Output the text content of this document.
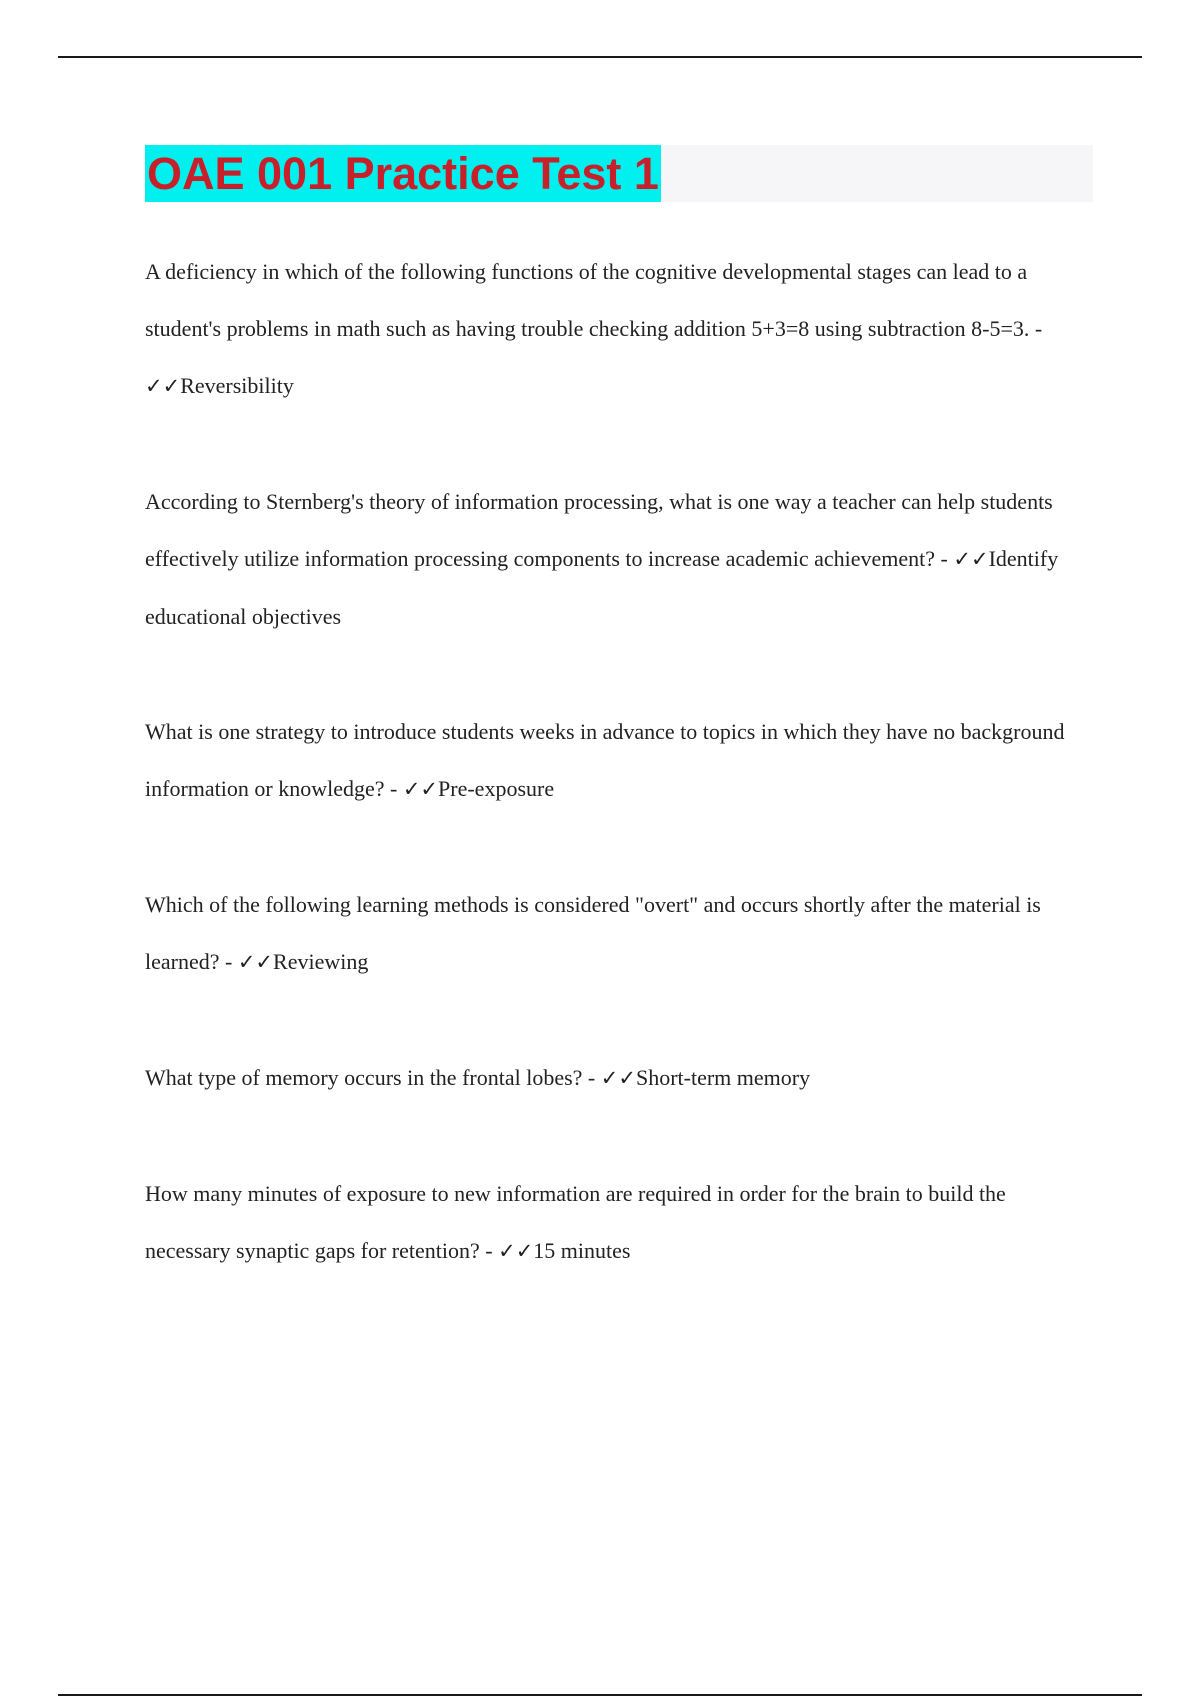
OAE 001 Practice Test 1

A deficiency in which of the following functions of the cognitive developmental stages can lead to a student's problems in math such as having trouble checking addition 5+3=8 using subtraction 8-5=3. - ✓✓Reversibility

According to Sternberg's theory of information processing, what is one way a teacher can help students effectively utilize information processing components to increase academic achievement? - ✓✓Identify educational objectives

What is one strategy to introduce students weeks in advance to topics in which they have no background information or knowledge? - ✓✓Pre-exposure

Which of the following learning methods is considered "overt" and occurs shortly after the material is learned? - ✓✓Reviewing

What type of memory occurs in the frontal lobes? - ✓✓Short-term memory

How many minutes of exposure to new information are required in order for the brain to build the necessary synaptic gaps for retention? - ✓✓15 minutes
